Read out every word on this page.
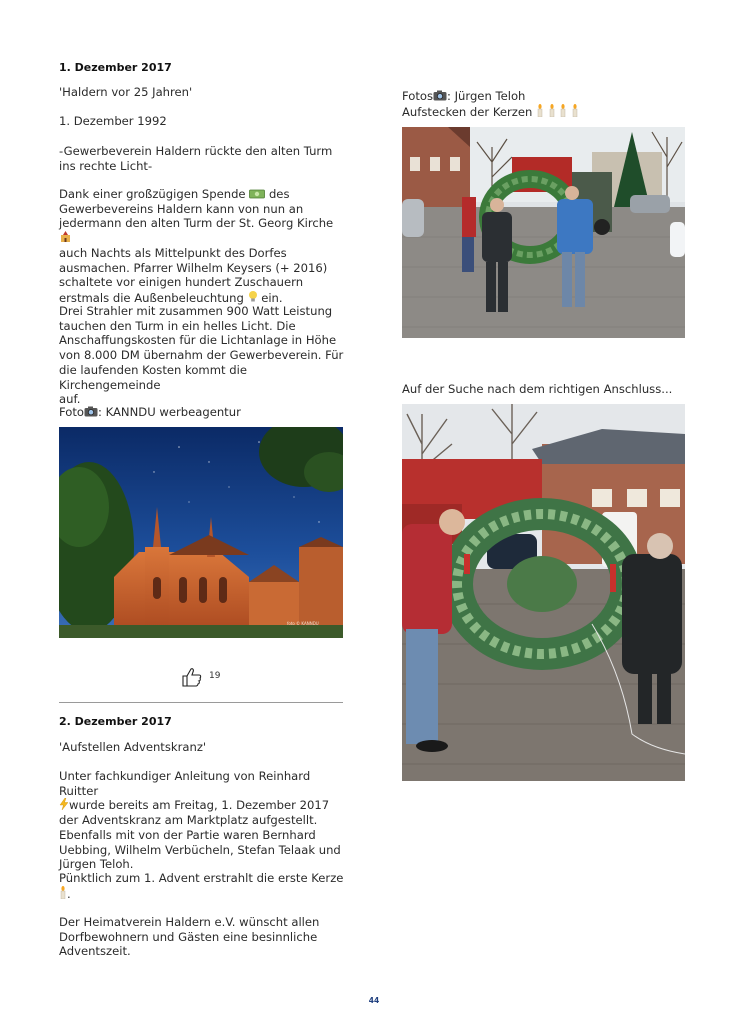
1. Dezember 2017
'Haldern vor 25 Jahren'
1. Dezember 1992
-Gewerbeverein Haldern rückte den alten Turm
ins rechte Licht-
Dank einer großzügigen Spende des
Gewerbevereins Haldern kann von nun an
jedermann den alten Turm der St. Georg Kirche
auch Nachts als Mittelpunkt des Dorfes
ausmachen. Pfarrer Wilhelm Keysers (+ 2016)
schaltete vor einigen hundert Zuschauern
erstmals die Außenbeleuchtung ein.
Drei Strahler mit zusammen 900 Watt Leistung
tauchen den Turm in ein helles Licht. Die
Anschaffungskosten für die Lichtanlage in Höhe
von 8.000 DM übernahm der Gewerbeverein. Für
die laufenden Kosten kommt die Kirchengemeinde
auf.
Foto : KANNDU werbeagentur
foto © KANNDU
19
2. Dezember 2017
'Aufstellen Adventskranz'
Unter fachkundiger Anleitung von Reinhard Ruitter
wurde bereits am Freitag, 1. Dezember 2017
der Adventskranz am Marktplatz aufgestellt.
Ebenfalls mit von der Partie waren Bernhard
Uebbing, Wilhelm Verbücheln, Stefan Telaak und
Jürgen Teloh.
Pünktlich zum 1. Advent erstrahlt die erste Kerze
.
Der Heimatverein Haldern e.V. wünscht allen
Dorfbewohnern und Gästen eine besinnliche
Adventszeit.
Fotos : Jürgen Teloh
Aufstecken der Kerzen

Auf der Suche nach dem richtigen Anschluss...
44
